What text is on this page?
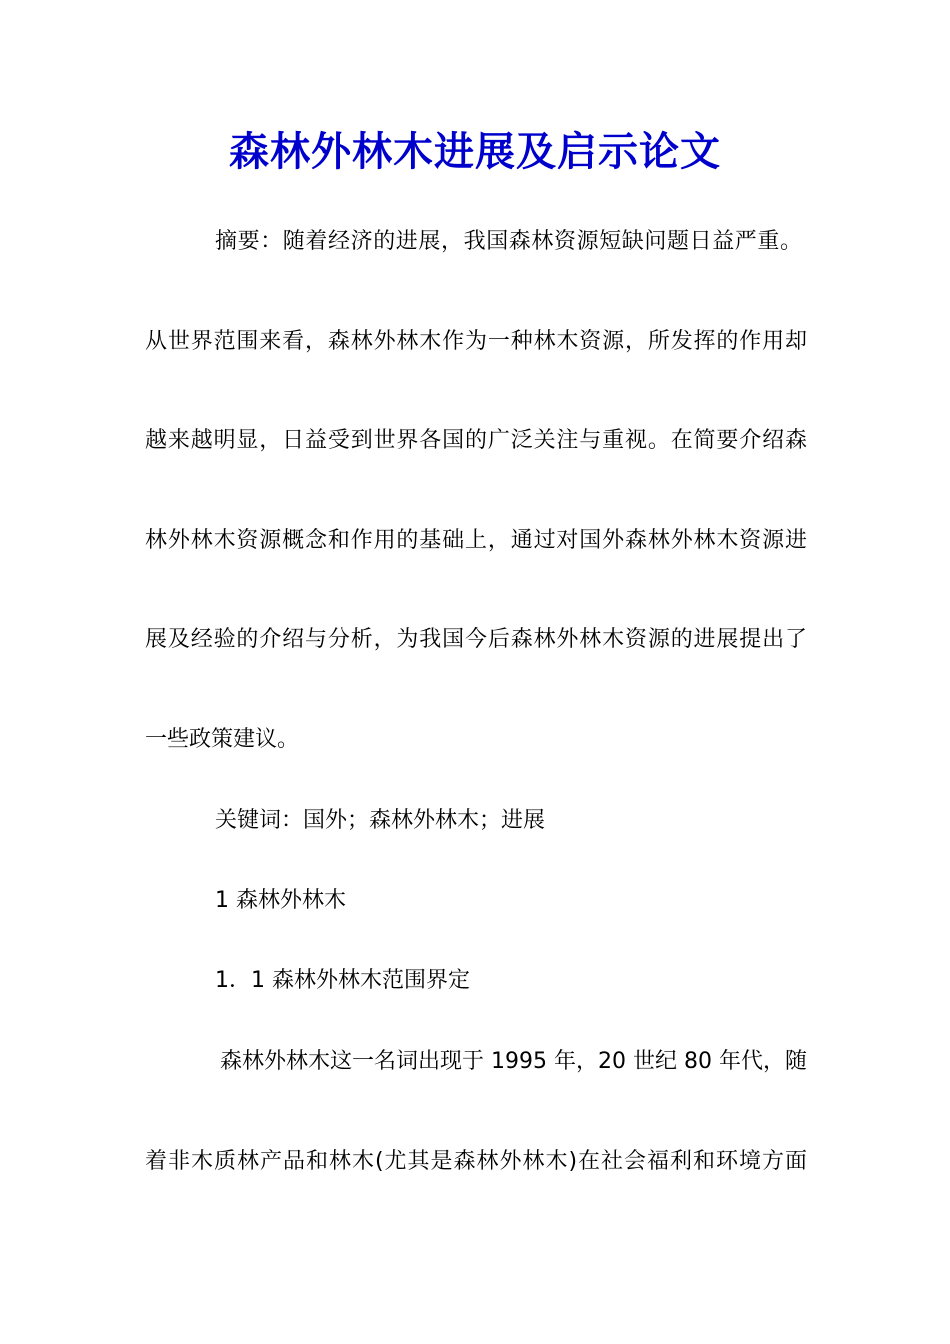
森林外林木进展及启示论文
摘要：随着经济的进展，我国森林资源短缺问题日益严重。
从世界范围来看，森林外林木作为一种林木资源，所发挥的作用却
越来越明显，日益受到世界各国的广泛关注与重视。在简要介绍森
林外林木资源概念和作用的基础上，通过对国外森林外林木资源进
展及经验的介绍与分析，为我国今后森林外林木资源的进展提出了
一些政策建议。
关键词：国外；森林外林木；进展
1 森林外林木
1．1 森林外林木范围界定
森林外林木这一名词出现于 1995 年，20 世纪 80 年代，随
着非木质林产品和林木(尤其是森林外林木)在社会福利和环境方面
